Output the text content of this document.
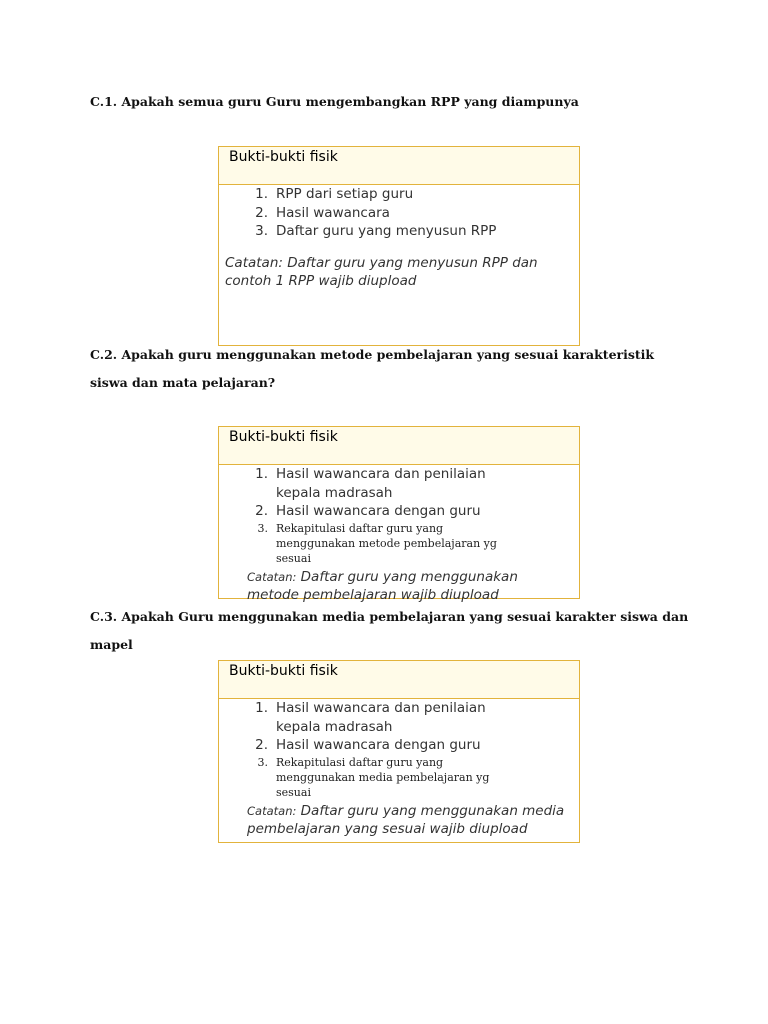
C.1. Apakah semua guru Guru mengembangkan RPP yang diampunya

Bukti-bukti fisik
1. RPP dari setiap guru
2. Hasil wawancara
3. Daftar guru yang menyusun RPP
Catatan: Daftar guru yang menyusun RPP dan contoh 1 RPP wajib diupload

C.2. Apakah guru menggunakan metode pembelajaran yang sesuai karakteristik siswa dan mata pelajaran?

Bukti-bukti fisik
1. Hasil wawancara dan penilaian kepala madrasah
2. Hasil wawancara dengan guru
3. Rekapitulasi daftar guru yang menggunakan metode pembelajaran yg sesuai
Catatan: Daftar guru yang menggunakan metode pembelajaran wajib diupload

C.3. Apakah Guru menggunakan media pembelajaran yang sesuai karakter siswa dan mapel

Bukti-bukti fisik
1. Hasil wawancara dan penilaian kepala madrasah
2. Hasil wawancara dengan guru
3. Rekapitulasi daftar guru yang menggunakan media pembelajaran yg sesuai
Catatan: Daftar guru yang menggunakan media pembelajaran yang sesuai wajib diupload
